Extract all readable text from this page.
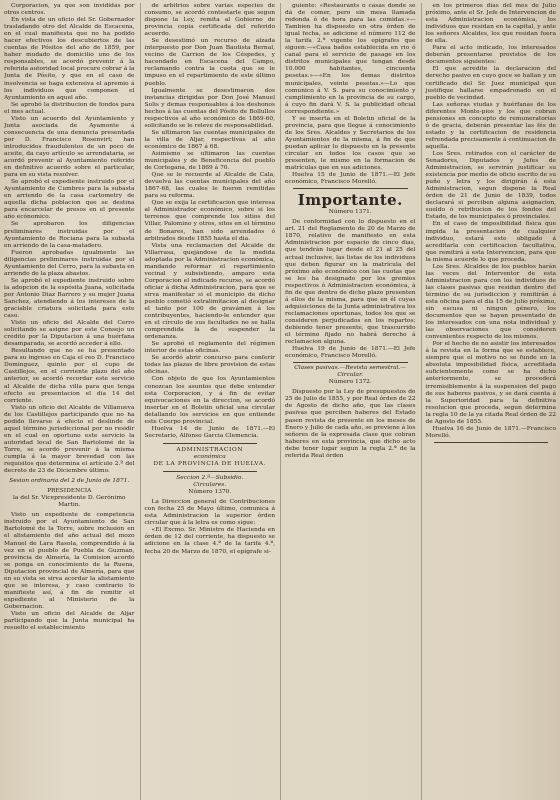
Corporacion, ya que son invididas por otros centros.

En vista de un oficio del Sr. Gobernador trasladando otro del Alcalde de Escacena, en el cual manifiesta que no ha podido hacer efectivos los descubiertos de las cuentas de Pósitos del año de 1859, por haber mudado de domicilio uno de los responsables, se acordó prevenir á la referida autoridad local procure cobrar á la Junta de Pósito, y que en el caso de insolvencia se haga extensiva el apremio á los individuos que componen el Ayuntamiento en aquel año.

Se aprobó la distribucion de fondos para el mes actual.

Visto un acuerdo del Ayuntamiento y Junta asociada de Ayamonte á consecuencia de una denuncia presentada por D. Francisco Rosenvirt; han introducidos fraudulentos de un poco de aceite, da cayo artículo se arrendataria, se acordó prevenir al Ayuntamiento referido en definitivo acuerdo sobre el particular, para en su vista resolver.

Se aprobó el expediente instruido por el Ayuntamiento de Cumbres para la subasta en arriendo de la casa cartometry de aquella dicha poblacion que se destina para encarcelar de presos en el presente año ecónomico.

Se aprobaron los diligencias preliminares instruidas por el Ayuntamiento de Rociana para la subasta en arriendo de la casa-matadero.

Fueron aprobadas igualmente las diligencias preliminares instruidas por el Ayuntamiento del Cerro, para la subasta en arriendo de la plaza abastos.

Se aprobó el expediente instruido sobre la adopcion de la espósita Juana, solicitada por Antonio Diaz Barrero y su mujer Juana Sanchez, atendiendo á los intereses de la graciable criatura solicitada para este caso.

Visto un oficio del Alcalde del Cerro solicitando se asigne por este Consejo un crédito por la Diputacion á una huérfana desamparada, se acordó acceder á ello.

Resultando que no se ha presentado para su ingreso en Caja el reo D. Francisco Dominguez, quinto por el cupo de Castillejos, en el corriente plazo del año anterior, se acordó recordar este servicio al Alcalde de dicha villa para que tenga efecto su presentacion el dia 14 del corriente.

Visto un oficio del Alcalde de Villanueva de los Castillejos participando que no ha podido llevarse á efecto el deslinde de aquel término jurisdiccional por no residir en el cual en oportuno este servicio la autoridad local de San Bartolomé de la Torre, se acordó prevenir á la misma cumpla á la mayor brevedad con las requisitos que determina el artículo 2.º del decreto de 23 de Diciembre último.

Sesion ordinaria del 2 de Junio de 1871.

PRESIDENCIA

la del Sr. Vicepresidente D. Gerónimo Martin.

Visto un expediente de competencia instruido por el Ayuntamiento de San Bartolomé de la Torre, sobre inclusion en el alistamiento del año actual del mozo Manuel de Lara Rasola, comprendido á la vez en el pueblo de Puebla de Guzman, provincia de Almería, la Comision acordó se ponga en conocimiento de la Ruena, Diputacion provincial de Almería, para que en su vista se sirva acordar la alistamiento que se interesa, y caso contrario lo manifieste así, á fin de remitir el expediente al Ministerio de la Gobernacion.

Visto un oficio del Alcalde de Aljar participando que la Junta municipal ha resuelto el establecimiento

de arbitrios sobre varias especies de consumo, se acordó contestarle que segun dispone la Ley, remita al Gobierno de provincia copia certificada del referido acuerdo.

Se desestimó un recurso de alzada interpuesto por Don Juan Bautista Bernal, vecino de Carrion de los Céspedes, y hacendado en Escacena del Campo, reclamando contra la cuota que se le impuso en el repartimiento de este último pueblo.

Igualmente se desestimaron dos instancias dirigidas por Don José Manuel Solis y demas responsables á los deshonos hechos á las cuentas del Pósito de Bollullos respectivos al año económico de 1869-60, solicitando se le releve de responsabilidad.

Se ultimaron las cuentas municipales de la villa de Aljar, respectivas al año económico de 1867 á 68.

Asimismo se ultimaron las cuentas municipales y de Beneficencia del pueblo de Cortegana, de 1869 á 70.

Que se le recuerde al Alcalde de Cala, devuelva las cuentas municipales del año 1867-68, las cuales le fueron remitidas para su reforma.

Que se exija la certificacion que interesa al Administrador económico, sobre si los terrenos que comprende los sitios del Villar, Palomino y otros, sitos en el término de Bonares, han sido arrendados ó arbitrados desde 1855 hasta el dia.

Vista una reclamacion del Alcalde de Villarrasa, quejándose de la medida adoptada por la Administracion económica, mandando reformar el repartimiento vecinal y subsistiendo, amparo esta Corporacion el indicado recurso, se acordó oficiar á dicha Administracion, para que se sirva manifestar si el municipio de dicho pueblo cometió extralimitacion al designar el tanto por 100 de gravámen á los contribuyentes, haciendo-le entender que en el círculo de sus facultades no se halla comprendida la de suspender la ordenanza.

Se aprobó el reglamento del régimen interior de estas oficinas.

Se acordó abrir concurso para conferir todas las plazas de libre provision de estas oficinas.

Con objeto de que los Ayuntamientos conozcan los asuntos que debe entender esta Corporacion, y á fin de evitar equivocaciones en la direccion, se acordó insertar en el Boletin oficial una circular detallando los servicios en que entiende este Cuerpo provincial.

Huelva 14 de Junio de 1871.—El Secretario, Alfonso Garcia Clemencia.

ADMINISTRACION

económica

DE LA PROVINCIA DE HUELVA.

Seccion 2.ª—Subsidio.

Circulares.

Número 1370.

La Direccion general de Contribuciones con fecha 25 de Mayo último, comunica á esta Administracion la superior órden circular que á la letra es como sigue:

«El Excmo. Sr. Ministro de Hacienda en órden de 12 del corriente, ha dispuesto se adicione en la clase 4.ª de la tarifa 4.ª, fecha 20 de Marzo de 1870, el epígrafe si-

guiente: «Restaurants ó casas donde se dá de comer, pero sin mesa llamada redonda ó de hora para las comidas.»—Tambien ha dispuesto en otra órden de igual fecha, se adicione el número 112 de la tarifa 2.ª vigente los epígrafes que siguen:—«Casa baños establecida en rio ó canal para el servicio de pasage en los distritos municipales que tengan desde 10.000 habitantes, cincuenta pesetas.»—«En los demas distritos municipales, veinte pesetas.»—Lo que comunico á V. S. para su conocimiento y cumplimiento en la provincia de su cargo, á cuyo fin dará V. S. la publicidad oficial correspondiente.»

Y se inserta en el Boletin oficial de la provincia, para que llegue á conocimiento de los Sres. Alcaldes y Secretarios de los Ayuntamientos de la misma, á fin de que puedan aplicar lo dispuesto en la presente circular en todos los casos que se presenten, le mismo en la formacion de matrículas que en sus adiciones.

Huelva 15 de Junio de 1871.—El Jefe económico, Francisco Morelló.

Importante.

Número 1371.

De conformidad con lo dispuesto en el art. 21 del Reglamento de 20 de Marzo de 1870, relativo de manifiesto en esta Administracion por espacio de cinco dias, que tendrán lugar desde el 21 al 25 del actual inclusive, las listas de los individuos que deben figurar en la matrícula del próximo año económico con las cuotas que se les ha designado por los gremios respectivos ó Administracion económica, á fin de que dentro de dicho plazo presenten á ellos de la misma, para que en él cuyas adquisiciones de la Junta administrativa los reclamaciones oportunas, todos los que se consideren perjudicados en los repartos; debiendo tener presente, que trascurrido el término fijado no habrá derecho á reclamacion alguna.

Huelva 19 de Junio de 1871.—El Jefe económico, Francisco Morelló.

Clases pasivas.—Revista semestral.—Circular.

Número 1372.

Dispuesto por la Ley de presupuestos de 25 de Julio de 1855, y por Real órden de 22 de Agosto de dicho año, que las clases pasivas que perciben haberes del Estado pasen revista de presente en los meses de Enero y Julio de cada año, se previene á los señores de la expresada clase que cobran haberes en esta provincia, que dicho acto debe tener lugar segun la regla 2.ª de la referida Real órden

en los primeros dias del mes de Julio próximo, ante el Sr. Jefe de Intervencion de esta Administracion económica, los individuos que residan en la capital, y ante los señores Alcaldes, los que residan fuera de ella.

Para el acto indicado, los interesados deberán presentarse provistos de los documentos siguientes:

El que acredite la declaracion del derecho pasivo en cuyo goce se hallan y un certificado del Sr. Juez municipal que justifique hallarse empadronado en el pueblo de vecindad.

Las señoras viudas y huérfanas de los diferentes Monte-pios y los que cobran pensiones en concepto de remuneratorias ó de gracia, deberán presentar las fés de estado y la certificacion de residencia refrendada precisamente á continuacion de aquella.

Los Sres. retirados con el carácter de Senadores, Diputados y Jefes de Administracion, se servirán justificar su existencia por medio de oficio escrito de su puño y letra y los dirigirán á esta Administracion, segun dispone la Real órden de 21 de Junio de 1839, todos declarará si perciben alguna asignacion, sueldo ó retribucion de los fondos del Estado, de los municipales ó provinciales.

En el caso de imposibilidad física que impida la presentacion de cualquier individuo, estará este obligado á acreditarla con certificacion facultativa, que remitirá á esta Intervencion, para que la misma acuerde lo que proceda.

Los Sres. Alcaldes de los pueblos harán las veces del Interventor de esta Administracion para con los individuos de las clases pasivas que residan dentro del término de su jurisdiccion y remitirán á esta oficina para el dia 15 de Julio próximo, sin escusa ni ningun género, los documentos que se hayan presentado de los interesados con una nota individual y las observaciones que consideren convenientes respecto de los mismos.

Por el hecho de no asistir los interesados á la revista en la forma que se establece, siempre que el motivo no se funde en la absoluta imposibilidad física, acreditada suficientemente como se ha dicho anteriormente, se procederá irremisiblemente á la suspension del pago de sus haberes pasivos, y se dará cuenta á la Superioridad para la definitiva resolucion que proceda, segun determina la regla 10 de la ya citada Real órden de 22 de Agosto de 1855.

Huelva 16 de Junio de 1871.—Francisco Morelló.
